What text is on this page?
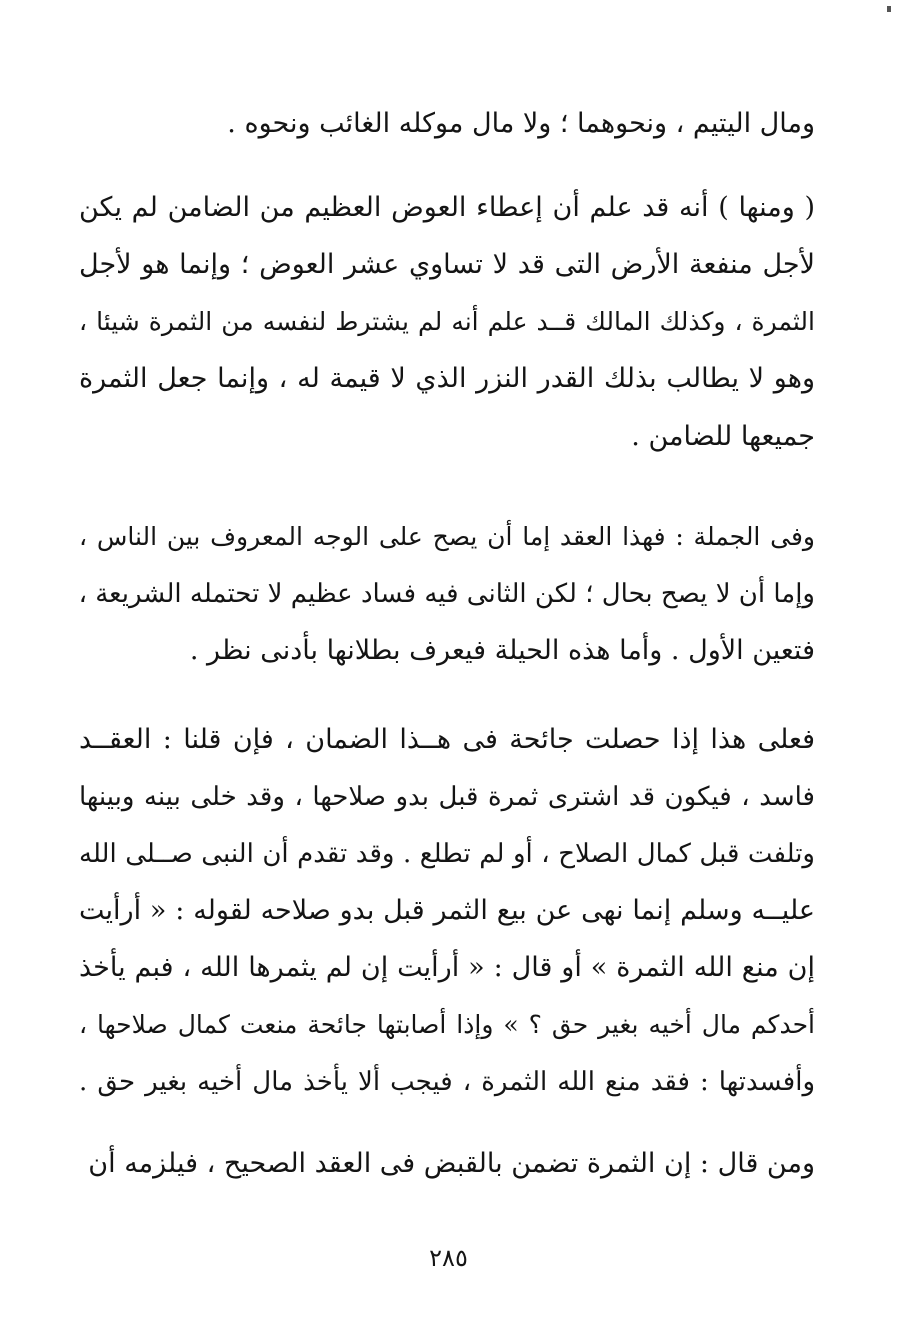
ومال اليتيم ، ونحوهما ؛ ولا مال موكله الغائب ونحوه .
( ومنها ) أنه قد علم أن إعطاء العوض العظيم من الضامن لم يكن
لأجل منفعة الأرض التى قد لا تساوي عشر العوض ؛ وإنما هو لأجل
الثمرة ، وكذلك المالك قــد علم أنه لم يشترط لنفسه من الثمرة شيئا ،
وهو لا يطالب بذلك القدر النزر الذي لا قيمة له ، وإنما جعل الثمرة
جميعها للضامن .
وفى الجملة : فهذا العقد إما أن يصح على الوجه المعروف بين الناس ،
وإما أن لا يصح بحال ؛ لكن الثانى فيه فساد عظيم لا تحتمله الشريعة ،
فتعين الأول . وأما هذه الحيلة فيعرف بطلانها بأدنى نظر .
فعلى هذا إذا حصلت جائحة فى هــذا الضمان ، فإن قلنا : العقــد
فاسد ، فيكون قد اشترى ثمرة قبل بدو صلاحها ، وقد خلى بينه وبينها
وتلفت قبل كمال الصلاح ، أو لم تطلع . وقد تقدم أن النبى صــلى الله
عليــه وسلم إنما نهى عن بيع الثمر قبل بدو صلاحه لقوله : « أرأيت
إن منع الله الثمرة » أو قال : « أرأيت إن لم يثمرها الله ، فبم يأخذ
أحدكم مال أخيه بغير حق ؟ » وإذا أصابتها جائحة منعت كمال صلاحها ،
وأفسدتها : فقد منع الله الثمرة ، فيجب ألا يأخذ مال أخيه بغير حق .
ومن قال : إن الثمرة تضمن بالقبض فى العقد الصحيح ، فيلزمه أن
٢٨٥
